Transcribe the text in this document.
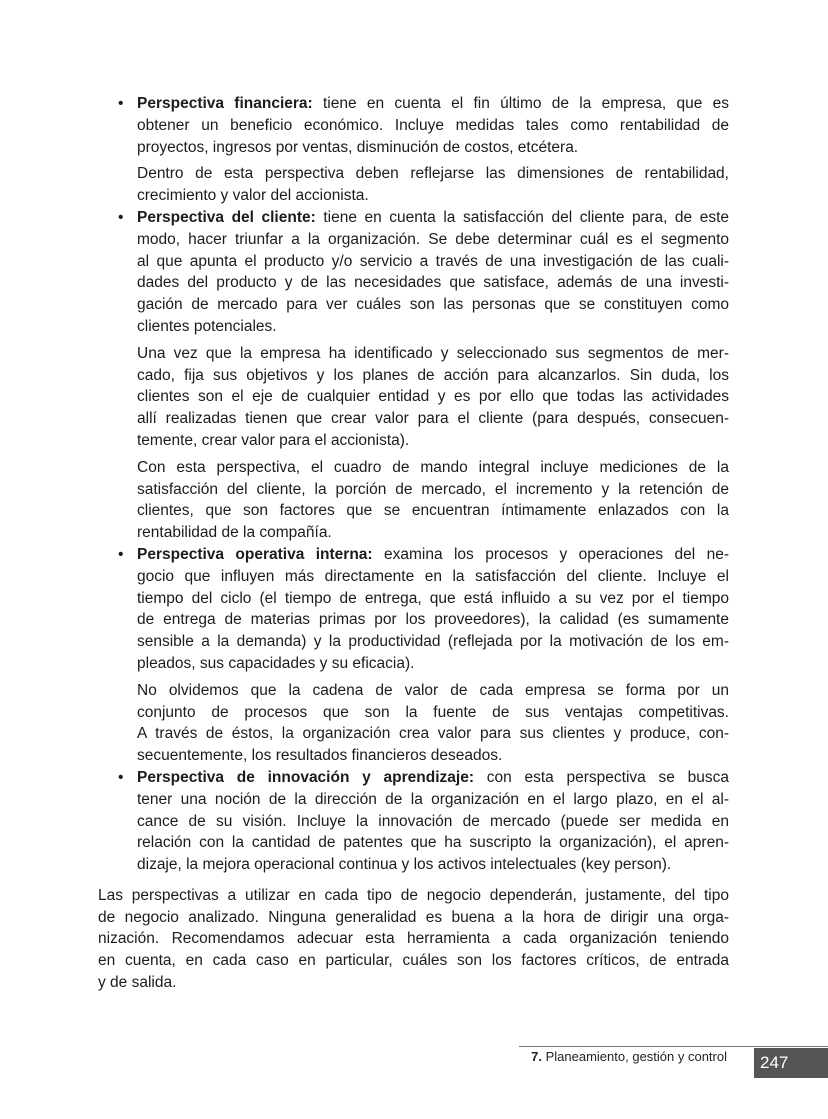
• Perspectiva financiera: tiene en cuenta el fin último de la empresa, que es
obtener un beneficio económico. Incluye medidas tales como rentabilidad de
proyectos, ingresos por ventas, disminución de costos, etcétera.
Dentro de esta perspectiva deben reflejarse las dimensiones de rentabilidad,
crecimiento y valor del accionista.
• Perspectiva del cliente: tiene en cuenta la satisfacción del cliente para, de este
modo, hacer triunfar a la organización. Se debe determinar cuál es el segmento
al que apunta el producto y/o servicio a través de una investigación de las cuali-
dades del producto y de las necesidades que satisface, además de una investi-
gación de mercado para ver cuáles son las personas que se constituyen como
clientes potenciales.
Una vez que la empresa ha identificado y seleccionado sus segmentos de mer-
cado, fija sus objetivos y los planes de acción para alcanzarlos. Sin duda, los
clientes son el eje de cualquier entidad y es por ello que todas las actividades
allí realizadas tienen que crear valor para el cliente (para después, consecuen-
temente, crear valor para el accionista).
Con esta perspectiva, el cuadro de mando integral incluye mediciones de la
satisfacción del cliente, la porción de mercado, el incremento y la retención de
clientes, que son factores que se encuentran íntimamente enlazados con la
rentabilidad de la compañía.
• Perspectiva operativa interna: examina los procesos y operaciones del ne-
gocio que influyen más directamente en la satisfacción del cliente. Incluye el
tiempo del ciclo (el tiempo de entrega, que está influido a su vez por el tiempo
de entrega de materias primas por los proveedores), la calidad (es sumamente
sensible a la demanda) y la productividad (reflejada por la motivación de los em-
pleados, sus capacidades y su eficacia).
No olvidemos que la cadena de valor de cada empresa se forma por un
conjunto de procesos que son la fuente de sus ventajas competitivas.
A través de éstos, la organización crea valor para sus clientes y produce, con-
secuentemente, los resultados financieros deseados.
• Perspectiva de innovación y aprendizaje: con esta perspectiva se busca
tener una noción de la dirección de la organización en el largo plazo, en el al-
cance de su visión. Incluye la innovación de mercado (puede ser medida en
relación con la cantidad de patentes que ha suscripto la organización), el apren-
dizaje, la mejora operacional continua y los activos intelectuales (key person).
Las perspectivas a utilizar en cada tipo de negocio dependerán, justamente, del tipo
de negocio analizado. Ninguna generalidad es buena a la hora de dirigir una orga-
nización. Recomendamos adecuar esta herramienta a cada organización teniendo
en cuenta, en cada caso en particular, cuáles son los factores críticos, de entrada
y de salida.
7. Planeamiento, gestión y control	247
